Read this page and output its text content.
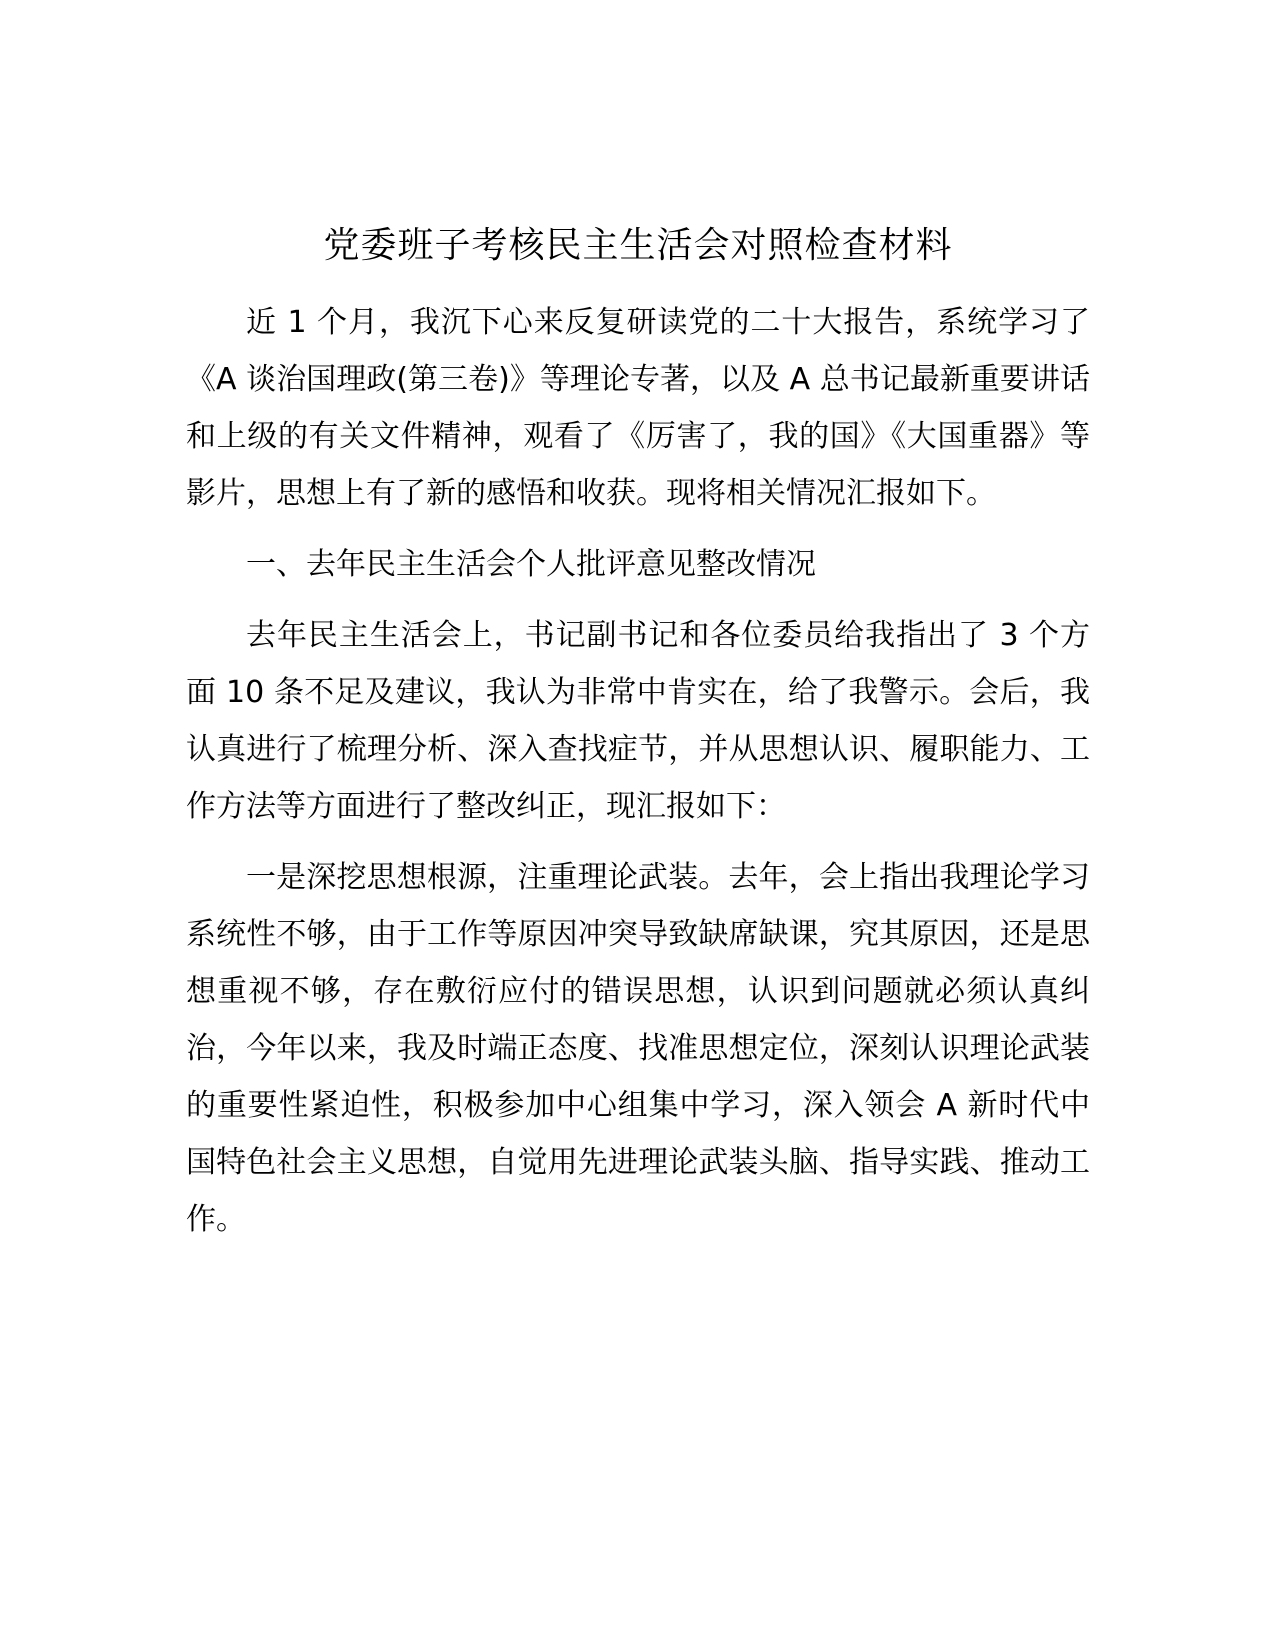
党委班子考核民主生活会对照检查材料

近 1 个月，我沉下心来反复研读党的二十大报告，系统学习了《A 谈治国理政(第三卷)》等理论专著，以及 A 总书记最新重要讲话和上级的有关文件精神，观看了《厉害了，我的国》《大国重器》等影片，思想上有了新的感悟和收获。现将相关情况汇报如下。

一、去年民主生活会个人批评意见整改情况

去年民主生活会上，书记副书记和各位委员给我指出了 3 个方面 10 条不足及建议，我认为非常中肯实在，给了我警示。会后，我认真进行了梳理分析、深入查找症节，并从思想认识、履职能力、工作方法等方面进行了整改纠正，现汇报如下：

一是深挖思想根源，注重理论武装。去年，会上指出我理论学习系统性不够，由于工作等原因冲突导致缺席缺课，究其原因，还是思想重视不够，存在敷衍应付的错误思想，认识到问题就必须认真纠治，今年以来，我及时端正态度、找准思想定位，深刻认识理论武装的重要性紧迫性，积极参加中心组集中学习，深入领会 A 新时代中国特色社会主义思想，自觉用先进理论武装头脑、指导实践、推动工作。
